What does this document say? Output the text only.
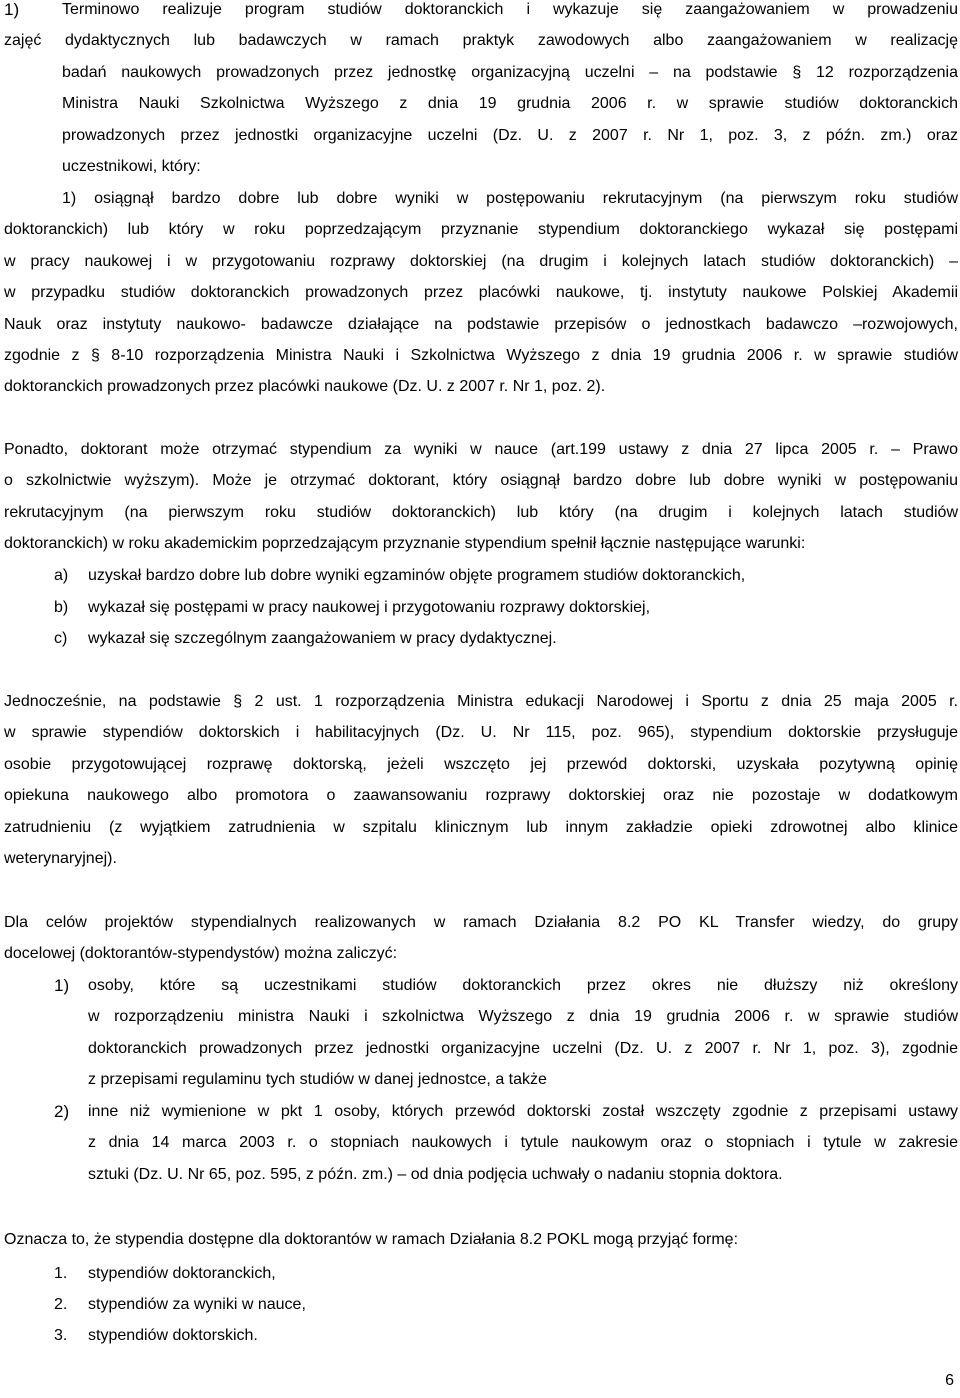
1)	Terminowo realizuje program studiów doktoranckich i wykazuje się zaangażowaniem w prowadzeniu
zajęć dydaktycznych lub badawczych w ramach praktyk zawodowych albo zaangażowaniem w realizację
badań naukowych prowadzonych przez jednostkę organizacyjną uczelni – na podstawie § 12 rozporządzenia
Ministra Nauki Szkolnictwa Wyższego z dnia 19 grudnia 2006 r. w sprawie studiów doktoranckich
prowadzonych przez jednostki organizacyjne uczelni (Dz. U. z 2007 r. Nr 1, poz. 3, z późn. zm.) oraz
uczestnikowi, który:
1) osiągnął bardzo dobre lub dobre wyniki w postępowaniu rekrutacyjnym (na pierwszym roku studiów
doktoranckich) lub który w roku poprzedzającym przyznanie stypendium doktoranckiego wykazał się postępami
w pracy naukowej i w przygotowaniu rozprawy doktorskiej (na drugim i kolejnych latach studiów doktoranckich) –
w przypadku studiów doktoranckich prowadzonych przez placówki naukowe, tj. instytuty naukowe Polskiej Akademii
Nauk oraz instytuty naukowo- badawcze działające na podstawie przepisów o jednostkach badawczo –rozwojowych,
zgodnie z § 8-10 rozporządzenia Ministra Nauki i Szkolnictwa Wyższego z dnia 19 grudnia 2006 r. w sprawie studiów
doktoranckich prowadzonych przez placówki naukowe (Dz. U. z 2007 r. Nr 1, poz. 2).
Ponadto, doktorant może otrzymać stypendium za wyniki w nauce (art.199 ustawy z dnia 27 lipca 2005 r. – Prawo
o szkolnictwie wyższym). Może je otrzymać doktorant, który osiągnął bardzo dobre lub dobre wyniki w postępowaniu
rekrutacyjnym (na pierwszym roku studiów doktoranckich) lub który (na drugim i kolejnych latach studiów
doktoranckich) w roku akademickim poprzedzającym przyznanie stypendium spełnił łącznie następujące warunki:
a) uzyskał bardzo dobre lub dobre wyniki egzaminów objęte programem studiów doktoranckich,
b) wykazał się postępami w pracy naukowej i przygotowaniu rozprawy doktorskiej,
c) wykazał się szczególnym zaangażowaniem w pracy dydaktycznej.
Jednocześnie, na podstawie § 2 ust. 1 rozporządzenia Ministra edukacji Narodowej i Sportu z dnia 25 maja 2005 r.
w sprawie stypendiów doktorskich i habilitacyjnych (Dz. U. Nr 115, poz. 965), stypendium doktorskie przysługuje
osobie przygotowującej rozprawę doktorską, jeżeli wszczęto jej przewód doktorski, uzyskała pozytywną opinię
opiekuna naukowego albo promotora o zaawansowaniu rozprawy doktorskiej oraz nie pozostaje w dodatkowym
zatrudnieniu (z wyjątkiem zatrudnienia w szpitalu klinicznym lub innym zakładzie opieki zdrowotnej albo klinice
weterynaryjnej).
Dla celów projektów stypendialnych realizowanych w ramach Działania 8.2 PO KL Transfer wiedzy, do grupy
docelowej (doktorantów-stypendystów) można zaliczyć:
1) osoby, które są uczestnikami studiów doktoranckich przez okres nie dłuższy niż określony
w rozporządzeniu ministra Nauki i szkolnictwa Wyższego z dnia 19 grudnia 2006 r. w sprawie studiów
doktoranckich prowadzonych przez jednostki organizacyjne uczelni (Dz. U. z 2007 r. Nr 1, poz. 3), zgodnie
z przepisami regulaminu tych studiów w danej jednostce, a także
2) inne niż wymienione w pkt 1 osoby, których przewód doktorski został wszczęty zgodnie z przepisami ustawy
z dnia 14 marca 2003 r. o stopniach naukowych i tytule naukowym oraz o stopniach i tytule w zakresie
sztuki (Dz. U. Nr 65, poz. 595, z późn. zm.) – od dnia podjęcia uchwały o nadaniu stopnia doktora.
Oznacza to, że stypendia dostępne dla doktorantów w ramach Działania 8.2 POKL mogą przyjąć formę:
1. stypendiów doktoranckich,
2. stypendiów za wyniki w nauce,
3. stypendiów doktorskich.
6
